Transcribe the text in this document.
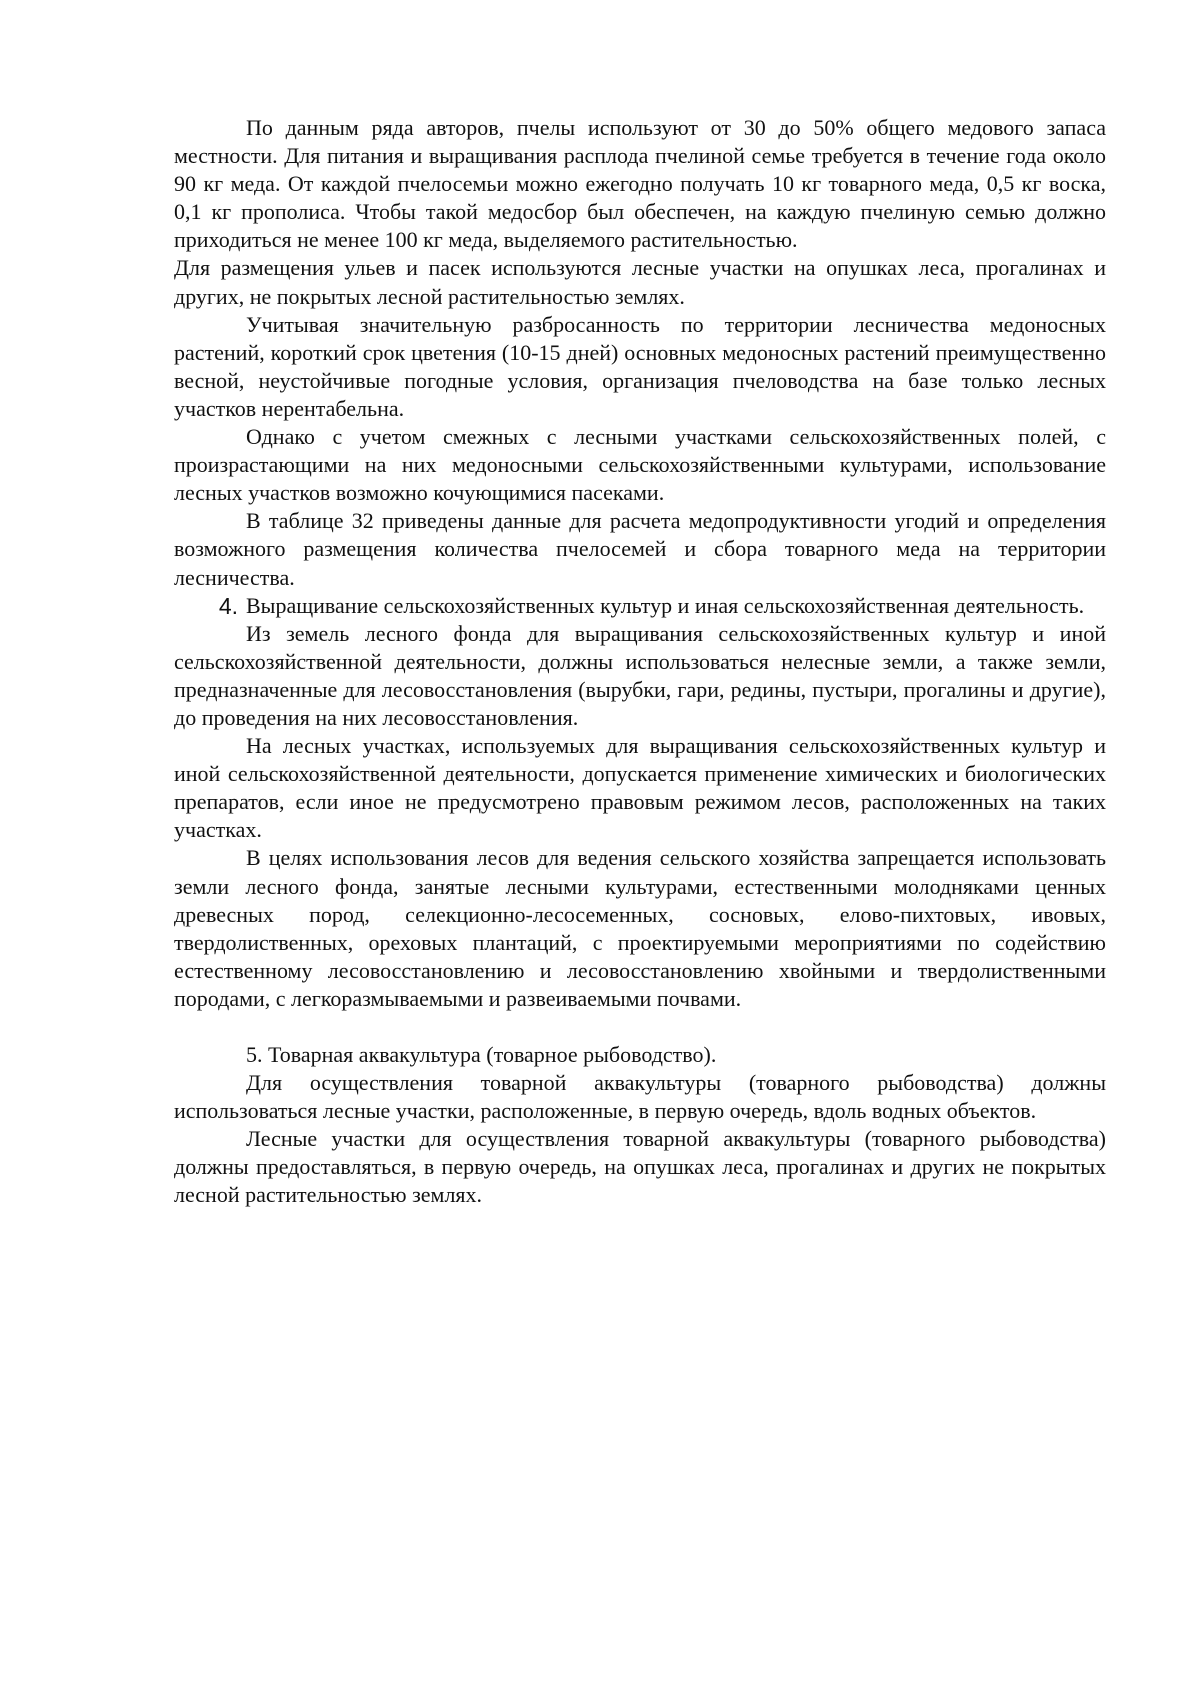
По данным ряда авторов, пчелы используют от 30 до 50% общего медового запаса местности. Для питания и выращивания расплода пчелиной семье требуется в течение года около 90 кг меда. От каждой пчелосемьи можно ежегодно получать 10 кг товарного меда, 0,5 кг воска, 0,1 кг прополиса. Чтобы такой медосбор был обеспечен, на каждую пчелиную семью должно приходиться не менее 100 кг меда, выделяемого растительностью.

Для размещения ульев и пасек используются лесные участки на опушках леса, прогалинах и других, не покрытых лесной растительностью землях.

Учитывая значительную разбросанность по территории лесничества медоносных растений, короткий срок цветения (10-15 дней) основных медоносных растений преимущественно весной, неустойчивые погодные условия, организация пчеловодства на базе только лесных участков нерентабельна.

Однако с учетом смежных с лесными участками сельскохозяйственных полей, с произрастающими на них медоносными сельскохозяйственными культурами, использование лесных участков возможно кочующимися пасеками.

В таблице 32 приведены данные для расчета медопродуктивности угодий и определения возможного размещения количества пчелосемей и сбора товарного меда на территории лесничества.

4. Выращивание сельскохозяйственных культур и иная сельскохозяйственная деятельность.

Из земель лесного фонда для выращивания сельскохозяйственных культур и иной сельскохозяйственной деятельности, должны использоваться нелесные земли, а также земли, предназначенные для лесовосстановления (вырубки, гари, редины, пустыри, прогалины и другие), до проведения на них лесовосстановления.

На лесных участках, используемых для выращивания сельскохозяйственных культур и иной сельскохозяйственной деятельности, допускается применение химических и биологических препаратов, если иное не предусмотрено правовым режимом лесов, расположенных на таких участках.

В целях использования лесов для ведения сельского хозяйства запрещается использовать земли лесного фонда, занятые лесными культурами, естественными молодняками ценных древесных пород, селекционно-лесосеменных, сосновых, елово-пихтовых, ивовых, твердолиственных, ореховых плантаций, с проектируемыми мероприятиями по содействию естественному лесовосстановлению и лесовосстановлению хвойными и твердолиственными породами, с легкоразмываемыми и развеиваемыми почвами.

5. Товарная аквакультура (товарное рыбоводство).

Для осуществления товарной аквакультуры (товарного рыбоводства) должны использоваться лесные участки, расположенные, в первую очередь, вдоль водных объектов.

Лесные участки для осуществления товарной аквакультуры (товарного рыбоводства) должны предоставляться, в первую очередь, на опушках леса, прогалинах и других не покрытых лесной растительностью землях.
